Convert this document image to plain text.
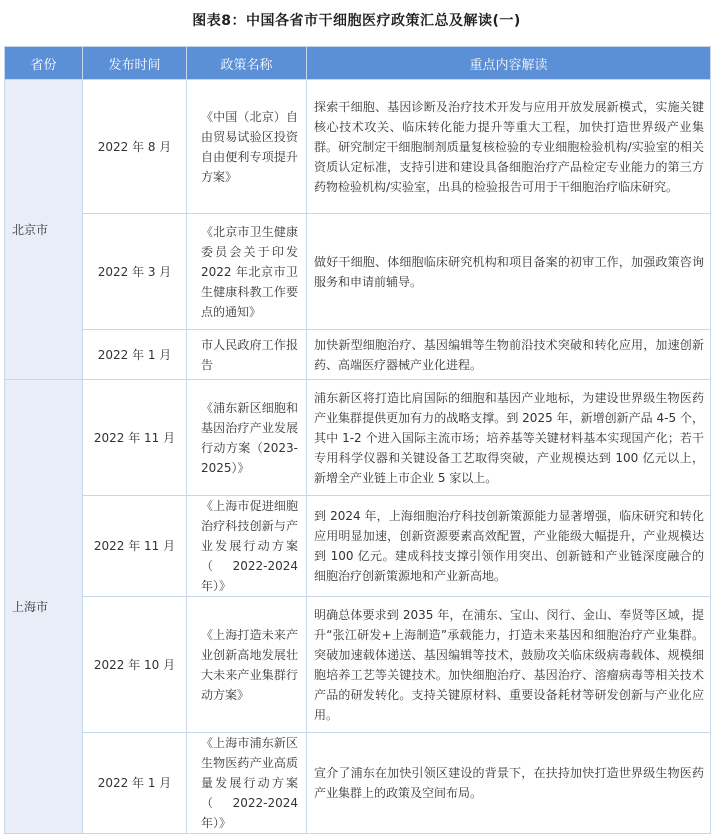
图表8：中国各省市干细胞医疗政策汇总及解读(一)
省份	发布时间	政策名称	重点内容解读
北京市	2022 年 8 月	《中国（北京）自由贸易试验区投资自由便利专项提升方案》	探索干细胞、基因诊断及治疗技术开发与应用开放发展新模式，实施关键核心技术攻关、临床转化能力提升等重大工程，加快打造世界级产业集群。研究制定干细胞制剂质量复核检验的专业细胞检验机构/实验室的相关资质认定标准，支持引进和建设具备细胞治疗产品检定专业能力的第三方药物检验机构/实验室，出具的检验报告可用于干细胞治疗临床研究。
	2022 年 3 月	《北京市卫生健康委员会关于印发 2022 年北京市卫生健康科教工作要点的通知》	做好干细胞、体细胞临床研究机构和项目备案的初审工作，加强政策咨询服务和申请前辅导。
	2022 年 1 月	市人民政府工作报告	加快新型细胞治疗、基因编辑等生物前沿技术突破和转化应用，加速创新药、高端医疗器械产业化进程。
上海市	2022 年 11 月	《浦东新区细胞和基因治疗产业发展行动方案（2023-2025）》	浦东新区将打造比肩国际的细胞和基因产业地标，为建设世界级生物医药产业集群提供更加有力的战略支撑。到 2025 年，新增创新产品 4-5 个，其中 1-2 个进入国际主流市场；培养基等关键材料基本实现国产化；若干专用科学仪器和关键设备工艺取得突破，产业规模达到 100 亿元以上，新增全产业链上市企业 5 家以上。
	2022 年 11 月	《上海市促进细胞治疗科技创新与产业发展行动方案（2022-2024 年）》	到 2024 年，上海细胞治疗科技创新策源能力显著增强，临床研究和转化应用明显加速，创新资源要素高效配置，产业能级大幅提升，产业规模达到 100 亿元。建成科技支撑引领作用突出、创新链和产业链深度融合的细胞治疗创新策源地和产业新高地。
	2022 年 10 月	《上海打造未来产业创新高地发展壮大未来产业集群行动方案》	明确总体要求到 2035 年，在浦东、宝山、闵行、金山、奉贤等区域，提升“张江研发+上海制造”承载能力，打造未来基因和细胞治疗产业集群。突破加速载体递送、基因编辑等技术，鼓励攻关临床级病毒载体、规模细胞培养工艺等关键技术。加快细胞治疗、基因治疗、溶瘤病毒等相关技术产品的研发转化。支持关键原材料、重要设备耗材等研发创新与产业化应用。
	2022 年 1 月	《上海市浦东新区生物医药产业高质量发展行动方案（2022-2024 年）》	宣介了浦东在加快引领区建设的背景下，在扶持加快打造世界级生物医药产业集群上的政策及空间布局。
